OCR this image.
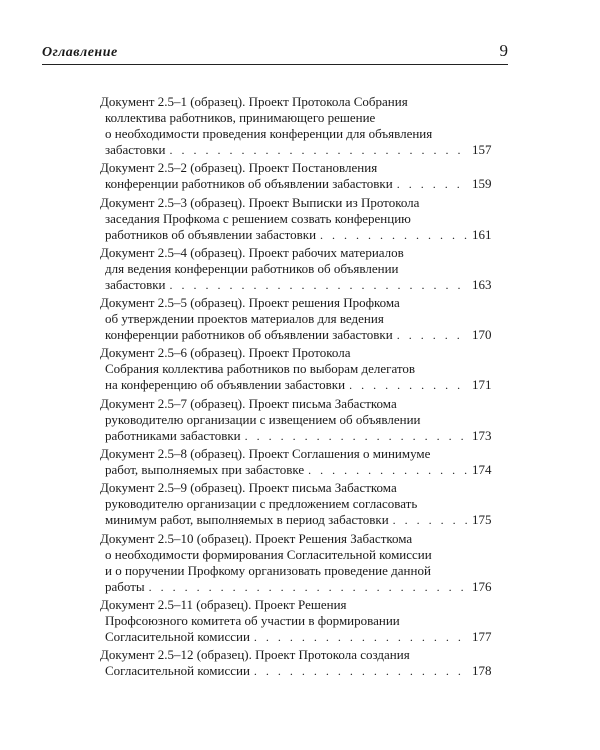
Оглавление	9
Документ 2.5–1 (образец). Проект Протокола Собрания
коллектива работников, принимающего решение
о необходимости проведения конференции для объявления
забастовки . . .	157
Документ 2.5–2 (образец). Проект Постановления
конференции работников об объявлении забастовки . . .	159
Документ 2.5–3 (образец). Проект Выписки из Протокола
заседания Профкома с решением созвать конференцию
работников об объявлении забастовки . . .	161
Документ 2.5–4 (образец). Проект рабочих материалов
для ведения конференции работников об объявлении
забастовки . . .	163
Документ 2.5–5 (образец). Проект решения Профкома
об утверждении проектов материалов для ведения
конференции работников об объявлении забастовки . . .	170
Документ 2.5–6 (образец). Проект Протокола
Собрания коллектива работников по выборам делегатов
на конференцию об объявлении забастовки . . .	171
Документ 2.5–7 (образец). Проект письма Забасткома
руководителю организации с извещением об объявлении
работниками забастовки . . .	173
Документ 2.5–8 (образец). Проект Соглашения о минимуме
работ, выполняемых при забастовке . . .	174
Документ 2.5–9 (образец). Проект письма Забасткома
руководителю организации с предложением согласовать
минимум работ, выполняемых в период забастовки . . .	175
Документ 2.5–10 (образец). Проект Решения Забасткома
о необходимости формирования Согласительной комиссии
и о поручении Профкому организовать проведение данной
работы . . .	176
Документ 2.5–11 (образец). Проект Решения
Профсоюзного комитета об участии в формировании
Согласительной комиссии . . .	177
Документ 2.5–12 (образец). Проект Протокола создания
Согласительной комиссии . . .	178
